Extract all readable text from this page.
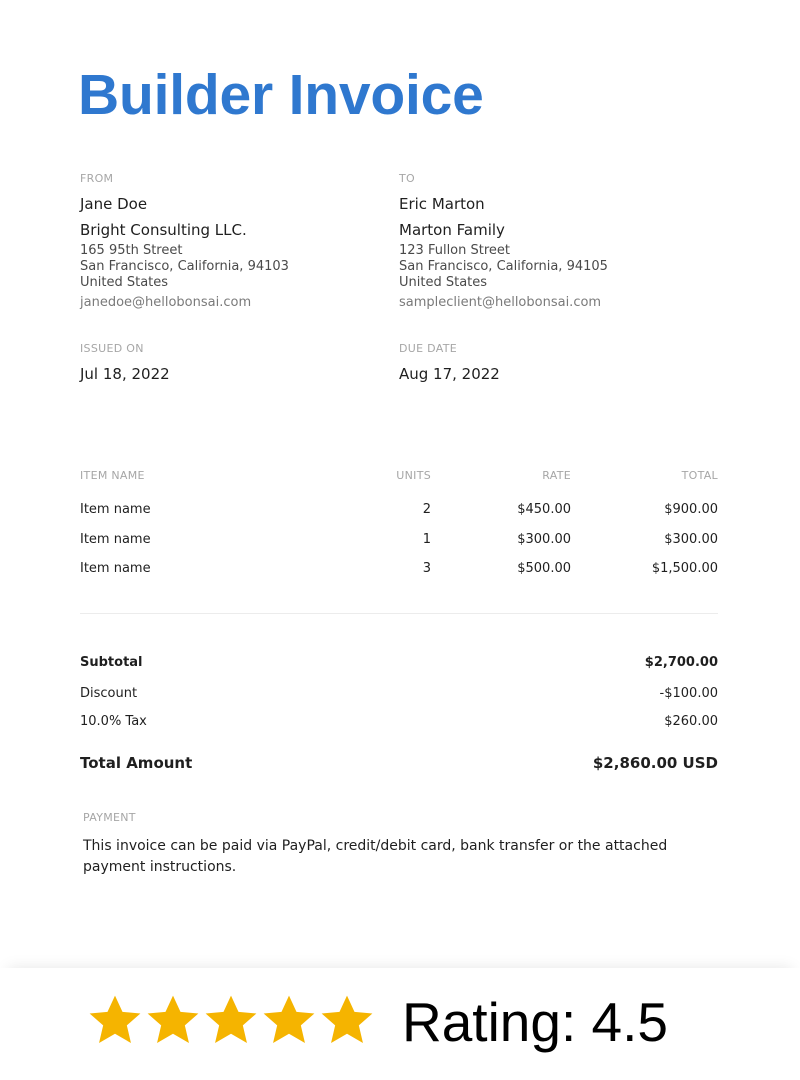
Builder Invoice
FROM
Jane Doe
Bright Consulting LLC.
165 95th Street
San Francisco, California, 94103
United States
janedoe@hellobonsai.com
TO
Eric Marton
Marton Family
123 Fullon Street
San Francisco, California, 94105
United States
sampleclient@hellobonsai.com
ISSUED ON
Jul 18, 2022
DUE DATE
Aug 17, 2022
ITEM NAME	UNITS	RATE	TOTAL
Item name	2	$450.00	$900.00
Item name	1	$300.00	$300.00
Item name	3	$500.00	$1,500.00
Subtotal	$2,700.00
Discount	-$100.00
10.0% Tax	$260.00
Total Amount	$2,860.00 USD
PAYMENT

This invoice can be paid via PayPal, credit/debit card, bank transfer or the attached payment instructions.

Rating: 4.5
